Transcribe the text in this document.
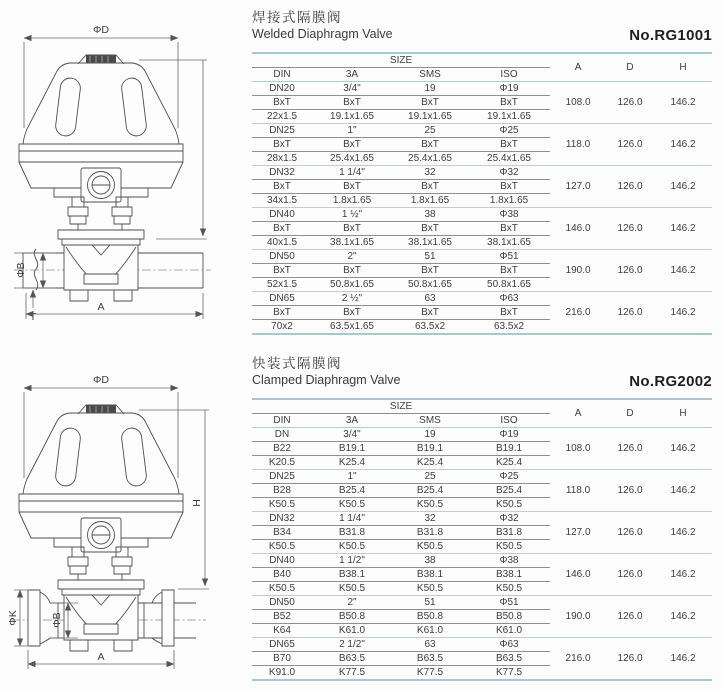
ΦD
ΦB
T
A
焊接式隔膜阀
Welded Diaphragm Valve	No.RG1001
SIZE				A	D	H
DIN	3A	SMS	ISO			
DN20	3/4"	19	Φ19			
BxT	BxT	BxT	BxT	108.0	126.0	146.2
22x1.5	19.1x1.65	19.1x1.65	19.1x1.65			
DN25	1"	25	Φ25			
BxT	BxT	BxT	BxT	118.0	126.0	146.2
28x1.5	25.4x1.65	25.4x1.65	25.4x1.65			
DN32	1 1/4"	32	Φ32			
BxT	BxT	BxT	BxT	127.0	126.0	146.2
34x1.5	1.8x1.65	1.8x1.65	1.8x1.65			
DN40	1 ½"	38	Φ38			
BxT	BxT	BxT	BxT	146.0	126.0	146.2
40x1.5	38.1x1.65	38.1x1.65	38.1x1.65			
DN50	2"	51	Φ51			
BxT	BxT	BxT	BxT	190.0	126.0	146.2
52x1.5	50.8x1.65	50.8x1.65	50.8x1.65			
DN65	2 ½"	63	Φ63			
BxT	BxT	BxT	BxT	216.0	126.0	146.2
70x2	63.5x1.65	63.5x2	63.5x2			
ΦD
H
ΦK	ΦB
A
快装式隔膜阀
Clamped Diaphragm Valve	No.RG2002
SIZE				A	D	H
DIN	3A	SMS	ISO			
DN	3/4"	19	Φ19			
B22	B19.1	B19.1	B19.1	108.0	126.0	146.2
K20.5	K25.4	K25.4	K25.4			
DN25	1"	25	Φ25			
B28	B25.4	B25.4	B25.4	118.0	126.0	146.2
K50.5	K50.5	K50.5	K50.5			
DN32	1 1/4"	32	Φ32			
B34	B31.8	B31.8	B31.8	127.0	126.0	146.2
K50.5	K50.5	K50.5	K50.5			
DN40	1 1/2"	38	Φ38			
B40	B38.1	B38.1	B38.1	146.0	126.0	146.2
K50.5	K50.5	K50.5	K50.5			
DN50	2"	51	Φ51			
B52	B50.8	B50.8	B50.8	190.0	126.0	146.2
K64	K61.0	K61.0	K61.0			
DN65	2 1/2"	63	Φ63			
B70	B63.5	B63.5	B63.5	216.0	126.0	146.2
K91.0	K77.5	K77.5	K77.5			
